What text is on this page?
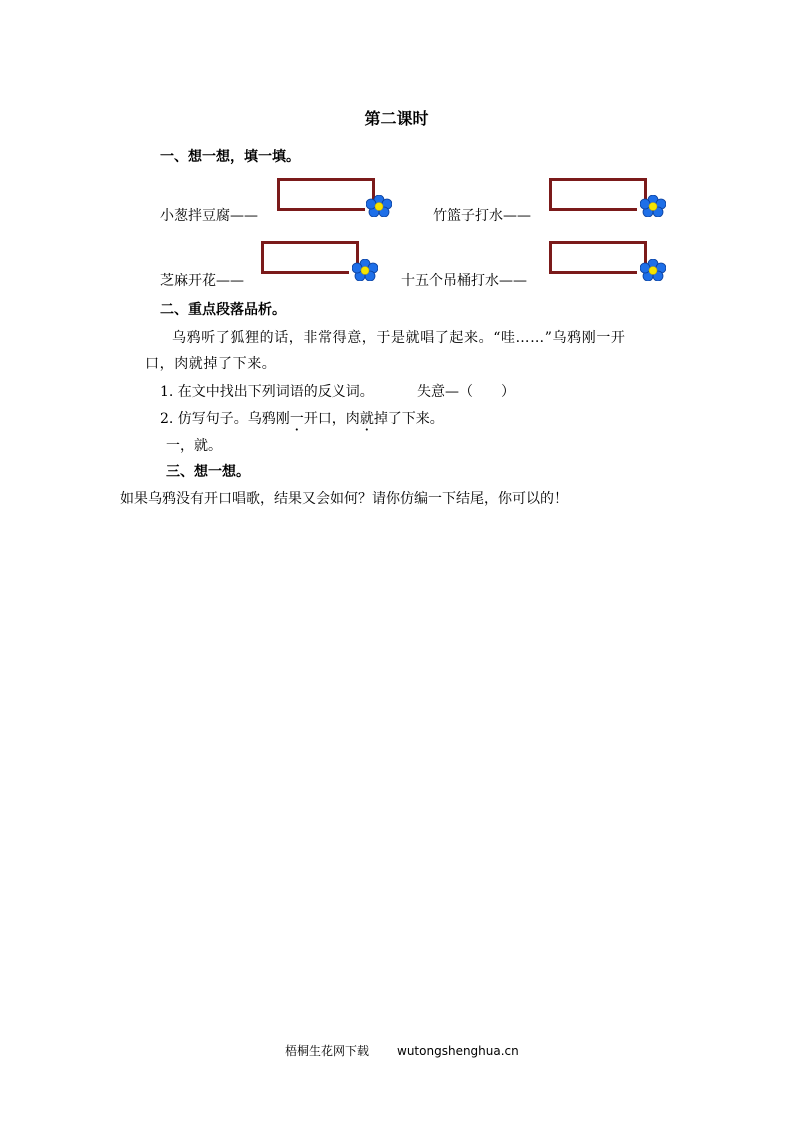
第二课时
一、想一想，填一填。
小葱拌豆腐——	竹篮子打水——
芝麻开花——	十五个吊桶打水——
二、重点段落品析。
乌鸦听了狐狸的话，非常得意，于是就唱了起来。“哇……”乌鸦刚一开
口，肉就掉了下来。
1. 在文中找出下列词语的反义词。	失意—（　　）
2. 仿写句子。乌鸦刚一开口，肉就掉了下来。
一，就。
三、想一想。
如果乌鸦没有开口唱歌，结果又会如何？请你仿编一下结尾，你可以的！
梧桐生花网下载 wutongshenghua.cn
